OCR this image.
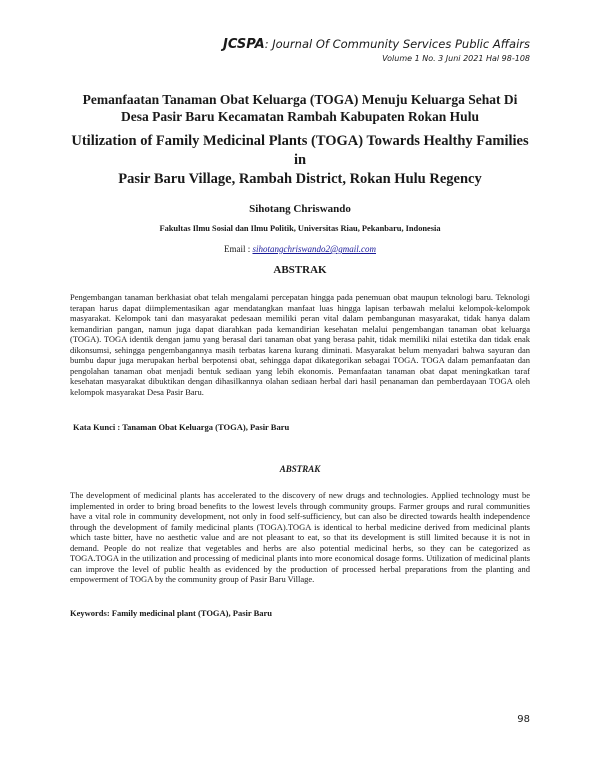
JCSPA: Journal Of Community Services Public Affairs
Volume 1 No. 3 Juni 2021 Hal 98-108
Pemanfaatan Tanaman Obat Keluarga (TOGA) Menuju Keluarga Sehat Di
Desa Pasir Baru Kecamatan Rambah Kabupaten Rokan Hulu
Utilization of Family Medicinal Plants (TOGA) Towards Healthy Families in
Pasir Baru Village, Rambah District, Rokan Hulu Regency
Sihotang Chriswando
Fakultas Ilmu Sosial dan Ilmu Politik, Universitas Riau, Pekanbaru, Indonesia
Email : sihotangchriswando2@gmail.com
ABSTRAK
Pengembangan tanaman berkhasiat obat telah mengalami percepatan hingga pada penemuan obat maupun teknologi baru. Teknologi terapan harus dapat diimplementasikan agar mendatangkan manfaat luas hingga lapisan terbawah melalui kelompok-kelompok masyarakat. Kelompok tani dan masyarakat pedesaan memiliki peran vital dalam pembangunan masyarakat, tidak hanya dalam kemandirian pangan, namun juga dapat diarahkan pada kemandirian kesehatan melalui pengembangan tanaman obat keluarga (TOGA). TOGA identik dengan jamu yang berasal dari tanaman obat yang berasa pahit, tidak memiliki nilai estetika dan tidak enak dikonsumsi, sehingga pengembangannya masih terbatas karena kurang diminati. Masyarakat belum menyadari bahwa sayuran dan bumbu dapur juga merupakan herbal berpotensi obat, sehingga dapat dikategorikan sebagai TOGA. TOGA dalam pemanfaatan dan pengolahan tanaman obat menjadi bentuk sediaan yang lebih ekonomis. Pemanfaatan tanaman obat dapat meningkatkan taraf kesehatan masyarakat dibuktikan dengan dihasilkannya olahan sediaan herbal dari hasil penanaman dan pemberdayaan TOGA oleh kelompok masyarakat Desa Pasir Baru.
Kata Kunci : Tanaman Obat Keluarga (TOGA), Pasir Baru
ABSTRAK
The development of medicinal plants has accelerated to the discovery of new drugs and technologies. Applied technology must be implemented in order to bring broad benefits to the lowest levels through community groups. Farmer groups and rural communities have a vital role in community development, not only in food self-sufficiency, but can also be directed towards health independence through the development of family medicinal plants (TOGA).TOGA is identical to herbal medicine derived from medicinal plants which taste bitter, have no aesthetic value and are not pleasant to eat, so that its development is still limited because it is not in demand. People do not realize that vegetables and herbs are also potential medicinal herbs, so they can be categorized as TOGA.TOGA in the utilization and processing of medicinal plants into more economical dosage forms. Utilization of medicinal plants can improve the level of public health as evidenced by the production of processed herbal preparations from the planting and empowerment of TOGA by the community group of Pasir Baru Village.
Keywords: Family medicinal plant (TOGA), Pasir Baru
98
